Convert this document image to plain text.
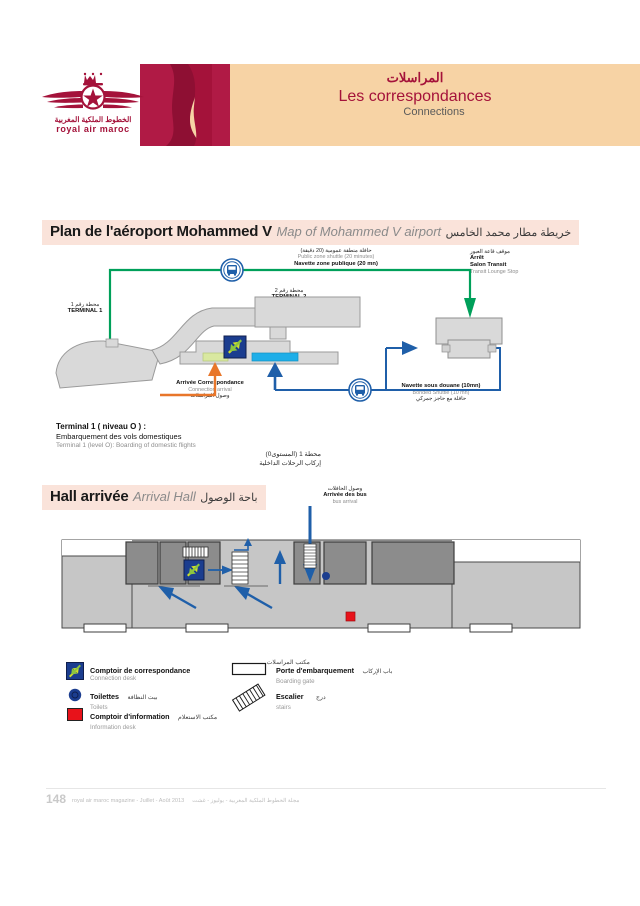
الخطوط الملكية المغربية
royal air maroc
المراسلات
Les correspondances
Connections
Plan de l'aéroport Mohammed V Map of Mohammed V airport خريطة مطار محمد الخامس
حافلة منطقة عمومية (20 دقيقة)
Public zone shuttle (20 minutes)
Navette zone publique (20 mn)
موقف قاعة العبور
Arrêt
Salon Transit
Transit Lounge Stop
محطة رقم 1
TERMINAL 1
محطة رقم 2
Arrivée Correspondance
Connection arrival
وصول المراسلات
Navette sous douane (10mn)
Bonded Shuttle (10 mn)
حافلة مع حاجز جمركي
Terminal 1 ( niveau O ) :
Embarquement des vols domestiques
Terminal 1 (level O): Boarding of domestic flights
محطة 1 (المستوى0)
إركاب الرحلات الداخلية
Hall arrivée Arrival Hall باحة الوصول
وصول الحافلات
Arrivée des bus
bus arrival
مكتب المراسلات
Comptoir de correspondance
Connection desk
Toilettes بيت النظافة
Toilets
Comptoir d'information مكتب الاستعلام
Information desk
Porte d'embarquement باب الإركاب
Boarding gate
Escalier درج
stairs
148 royal air maroc magazine - Juillet - Août 2013 مجلة الخطوط الملكية المغربية - يوليوز - غشت
